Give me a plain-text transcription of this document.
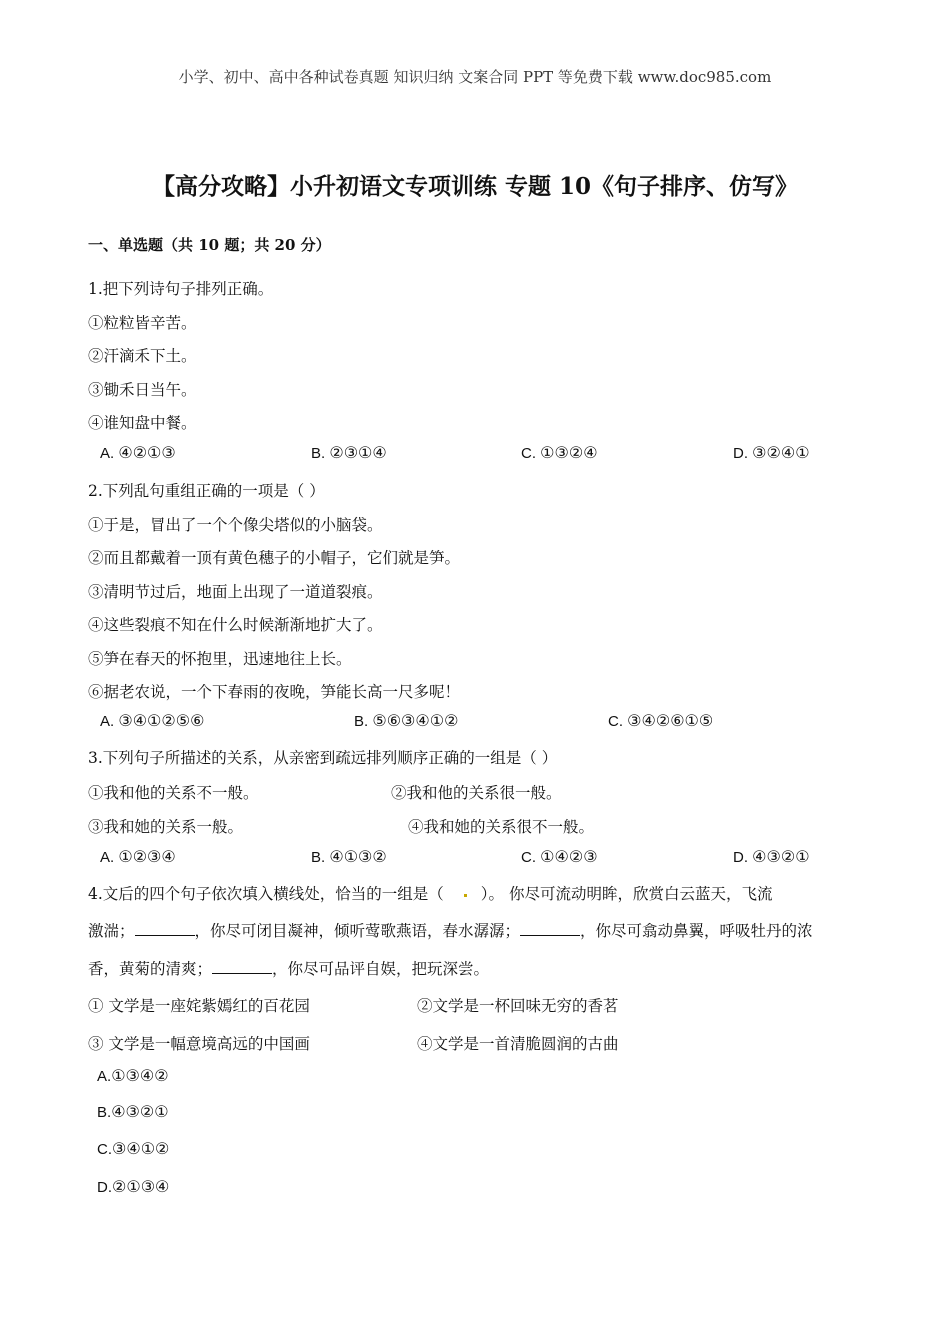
小学、初中、高中各种试卷真题 知识归纳 文案合同 PPT 等免费下载 www.doc985.com
【高分攻略】小升初语文专项训练 专题 10《句子排序、仿写》
一、单选题（共 10 题；共 20 分）
1.把下列诗句子排列正确。
①粒粒皆辛苦。
②汗滴禾下土。
③锄禾日当午。
④谁知盘中餐。
A. ④②①③	B. ②③①④	C. ①③②④	D. ③②④①
2.下列乱句重组正确的一项是（ ）
①于是，冒出了一个个像尖塔似的小脑袋。
②而且都戴着一顶有黄色穗子的小帽子，它们就是笋。
③清明节过后，地面上出现了一道道裂痕。
④这些裂痕不知在什么时候渐渐地扩大了。
⑤笋在春天的怀抱里，迅速地往上长。
⑥据老农说，一个下春雨的夜晚，笋能长高一尺多呢！
A. ③④①②⑤⑥	B. ⑤⑥③④①②	C. ③④②⑥①⑤
3.下列句子所描述的关系，从亲密到疏远排列顺序正确的一组是（ ）
①我和他的关系不一般。	②我和他的关系很一般。
③我和她的关系一般。	④我和她的关系很不一般。
A. ①②③④	B. ④①③②	C. ①④②③	D. ④③②①
4.文后的四个句子依次填入横线处，恰当的一组是（ ）。 你尽可流动明眸，欣赏白云蓝天，飞流
激湍；	，你尽可闭目凝神，倾听莺歌燕语，春水潺潺；	，你尽可翕动鼻翼，呼吸牡丹的浓
香，黄菊的清爽；	，你尽可品评自娱，把玩深尝。
① 文学是一座姹紫嫣红的百花园	②文学是一杯回味无穷的香茗
③ 文学是一幅意境高远的中国画	④文学是一首清脆圆润的古曲
A.①③④②
B.④③②①
C.③④①②
D.②①③④
